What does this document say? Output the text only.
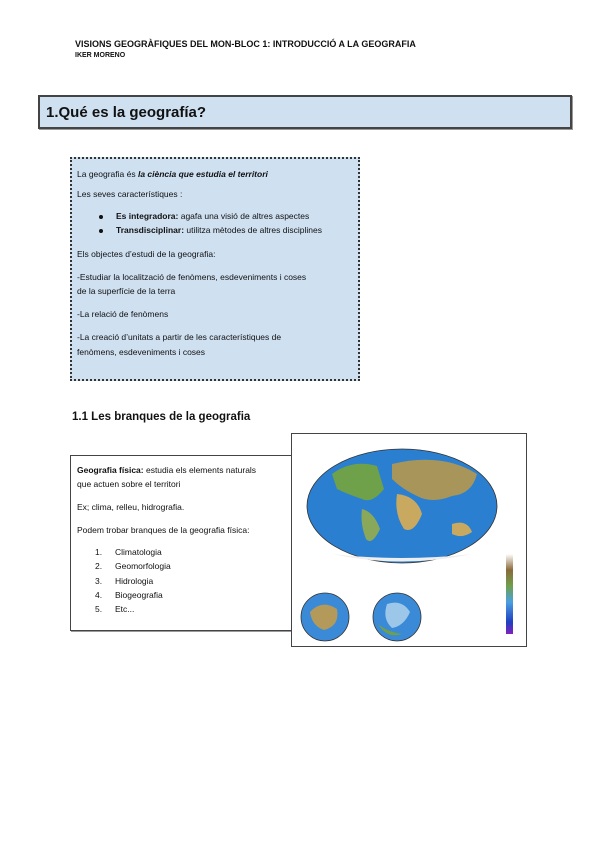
VISIONS GEOGRÀFIQUES DEL MON-BLOC 1: INTRODUCCIÓ A LA GEOGRAFIA
IKER MORENO
1.Qué es la geografía?

La geografia és la ciència que estudia el territori

Les seves característiques :

Es integradora: agafa una visió de altres aspectes
Transdisciplinar: utilitza mètodes de altres disciplines

Els objectes d’estudi de la geografia:

-Estudiar la localització de fenòmens, esdeveniments i coses

de la superfície de la terra

-La relació de fenòmens

-La creació d’unitats a partir de les característiques de

fenòmens, esdeveniments i coses

1.1 Les branques de la geografia

Geografia física: estudia els elements naturals

que actuen sobre el territori

Ex; clima, relleu, hidrografia.

Podem trobar branques de la geografia física:

1. Climatologia
2. Geomorfologia
3. Hidrologia
4. Biogeografia
5. Etc...
